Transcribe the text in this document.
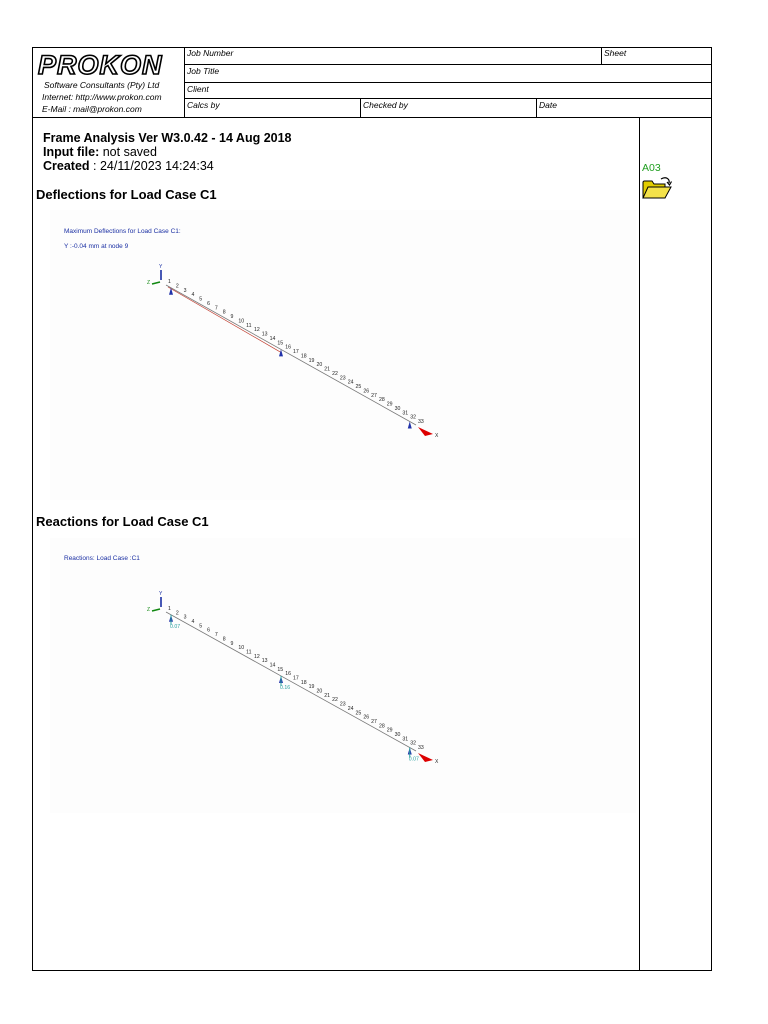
PROKON
Software Consultants (Pty) Ltd
Internet: http://www.prokon.com
E-Mail : mail@prokon.com
Job Number	Sheet
Job Title
Client
Calcs by	Checked by	Date
Frame Analysis Ver W3.0.42 - 14 Aug 2018
Input file: not saved
Created : 24/11/2023 14:24:34	A03
Deflections for Load Case C1
Maximum Deflections for Load Case C1:
Y :-0.04 mm at node 9
1
2
3
4
5
6
7
8
9
10
11
12
13
14
15
16
17
18
19
20
21
22
23
24
25
26
27
28
29
30
31
32
33
Y
Z
X
Reactions for Load Case C1
Reactions: Load Case :C1
1
2
3
4
5
6
7
8
9
10
11
12
13
14
15
16
17
18
19
20
21
22
23
24
25
26
27
28
29
30
31
32
33
0.07
0.16
0.07
Y
Z
X
